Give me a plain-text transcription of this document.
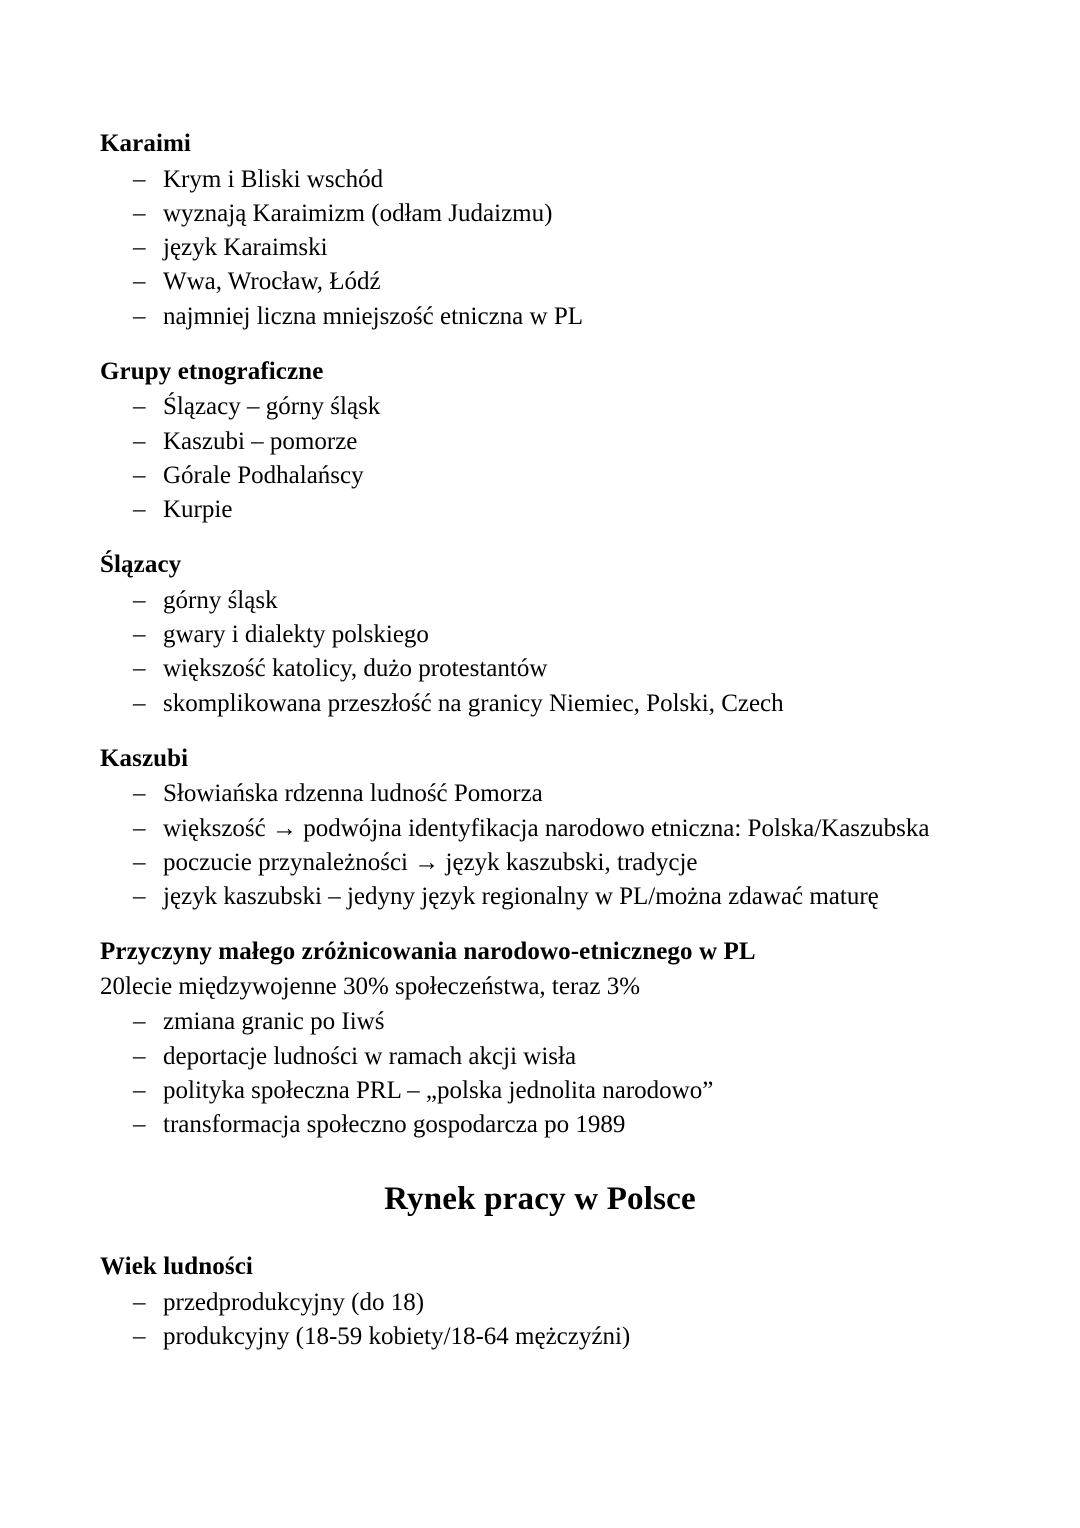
Karaimi

– Krym i Bliski wschód
– wyznają Karaimizm (odłam Judaizmu)
– język Karaimski
– Wwa, Wrocław, Łódź
– najmniej liczna mniejszość etniczna w PL

Grupy etnograficzne

– Ślązacy – górny śląsk
– Kaszubi – pomorze
– Górale Podhalańscy
– Kurpie

Ślązacy

– górny śląsk
– gwary i dialekty polskiego
– większość katolicy, dużo protestantów
– skomplikowana przeszłość na granicy Niemiec, Polski, Czech

Kaszubi

– Słowiańska rdzenna ludność Pomorza
– większość → podwójna identyfikacja narodowo etniczna: Polska/Kaszubska
– poczucie przynależności → język kaszubski, tradycje
– język kaszubski – jedyny język regionalny w PL/można zdawać maturę

Przyczyny małego zróżnicowania narodowo-etnicznego w PL

20lecie międzywojenne 30% społeczeństwa, teraz 3%

– zmiana granic po Iiwś
– deportacje ludności w ramach akcji wisła
– polityka społeczna PRL – „polska jednolita narodowo”
– transformacja społeczno gospodarcza po 1989
Rynek pracy w Polsce

Wiek ludności

– przedprodukcyjny (do 18)
– produkcyjny (18-59 kobiety/18-64 mężczyźni)
